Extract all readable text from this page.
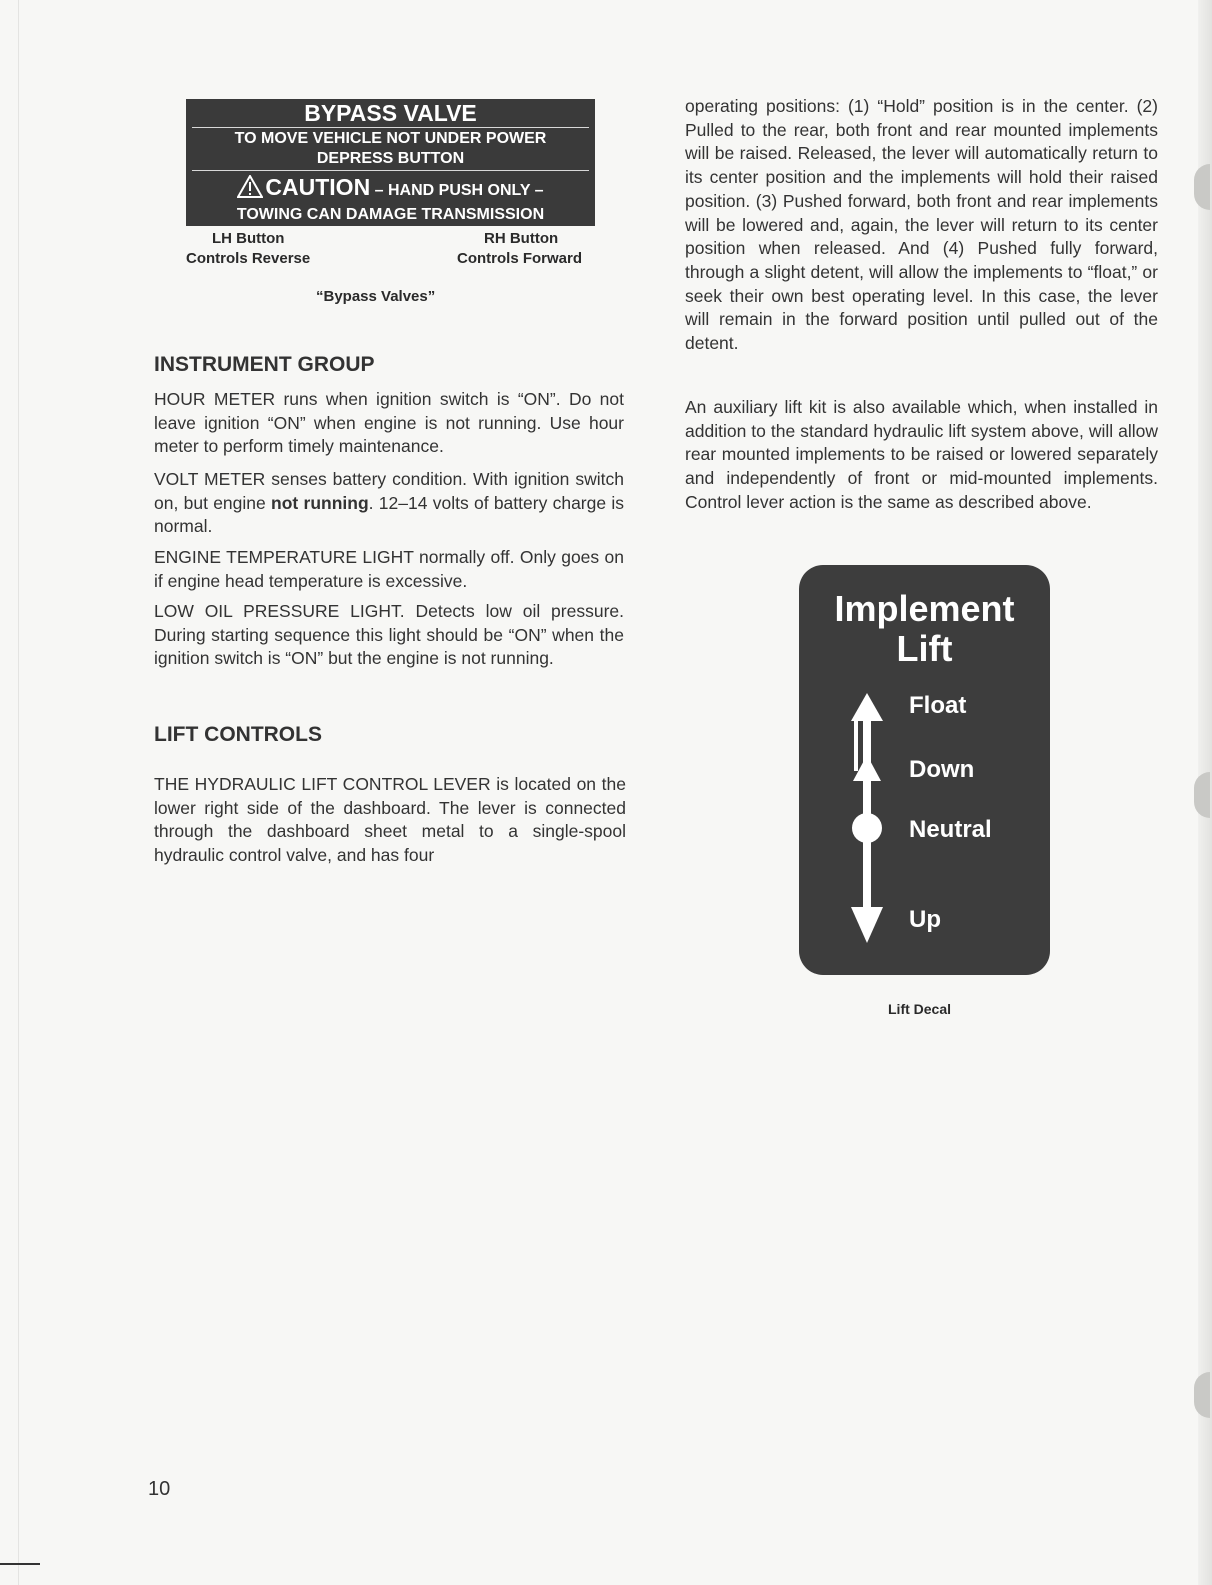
BYPASS VALVE
TO MOVE VEHICLE NOT UNDER POWER
DEPRESS BUTTON
CAUTION – HAND PUSH ONLY –
TOWING CAN DAMAGE TRANSMISSION
LH Button
Controls Reverse
RH Button
Controls Forward
“Bypass Valves”
INSTRUMENT GROUP

HOUR METER runs when ignition switch is “ON”. Do not leave ignition “ON” when engine is not running. Use hour meter to perform timely maintenance.

VOLT METER senses battery condition. With ignition switch on, but engine not running. 12–14 volts of battery charge is normal.

ENGINE TEMPERATURE LIGHT normally off. Only goes on if engine head temperature is excessive.

LOW OIL PRESSURE LIGHT. Detects low oil pressure. During starting sequence this light should be “ON” when the ignition switch is “ON” but the engine is not running.

LIFT CONTROLS

THE HYDRAULIC LIFT CONTROL LEVER is located on the lower right side of the dashboard. The lever is connected through the dashboard sheet metal to a single-spool hydraulic control valve, and has four

operating positions: (1) “Hold” position is in the center. (2) Pulled to the rear, both front and rear mounted implements will be raised. Released, the lever will automatically return to its center position and the implements will hold their raised position. (3) Pushed forward, both front and rear implements will be lowered and, again, the lever will return to its center position when released. And (4) Pushed fully forward, through a slight detent, will allow the implements to “float,” or seek their own best operating level. In this case, the lever will remain in the forward position until pulled out of the detent.

An auxiliary lift kit is also available which, when installed in addition to the standard hydraulic lift system above, will allow rear mounted implements to be raised or lowered separately and independently of front or mid-mounted implements. Control lever action is the same as described above.

Implement
Lift
Float
Down
Neutral
Up
Lift Decal
10
